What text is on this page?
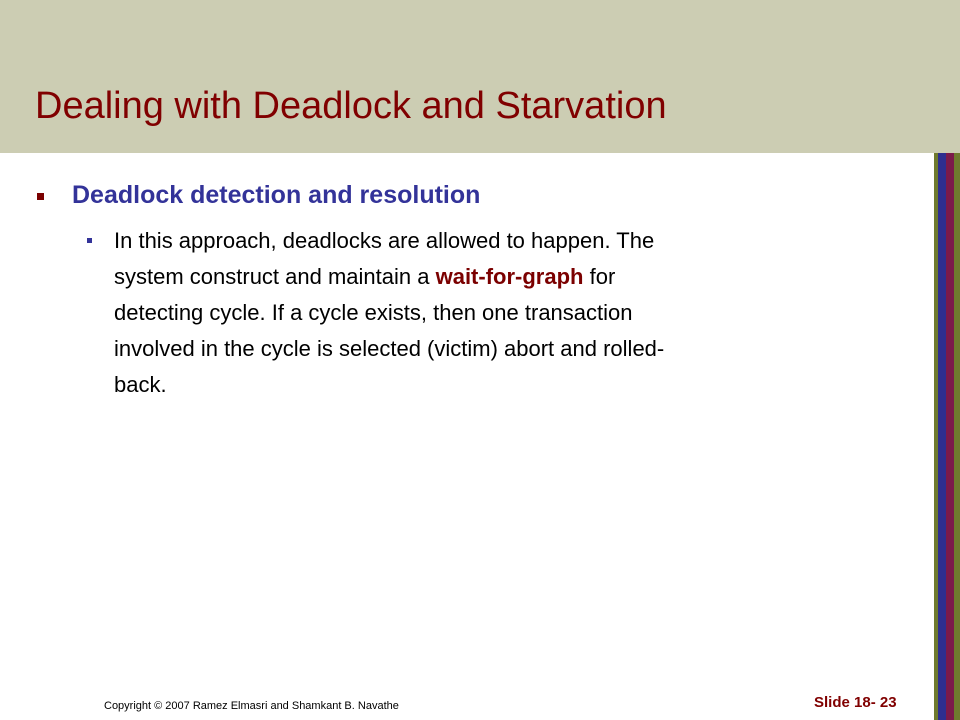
Dealing with Deadlock and Starvation
Deadlock detection and resolution

In this approach, deadlocks are allowed to happen. The
system construct and maintain a wait-for-graph for
detecting cycle. If a cycle exists, then one transaction
involved in the cycle is selected (victim) abort and rolled-
back.

Copyright © 2007 Ramez Elmasri and Shamkant B. Navathe	Slide 18- 23
